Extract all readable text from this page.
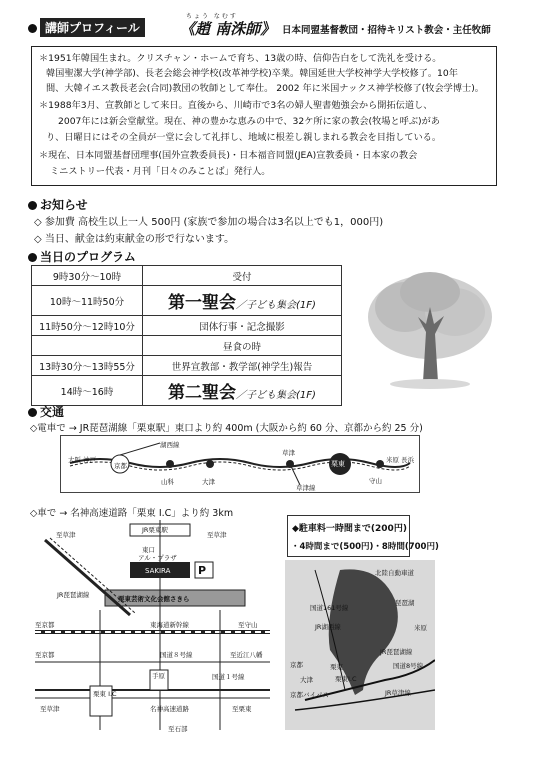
講師プロフィール
ちょう なむす
《趙 南洙師》 日本同盟基督教団・招待キリスト教会・主任牧師
＊1951年韓国生まれ。クリスチャン・ホームで育ち、13歳の時、信仰告白をして洗礼を受ける。
韓国聖潔大学(神学部)、長老会総会神学校(改革神学校)卒業。韓国延世大学校神学大学校修了。10年
間、大韓イエス教長老会(合同)教団の牧師として奉仕。 2002 年に米国ナックス神学校修了(牧会学博士)。
＊1988年3月、宣教師として来日。直後から、川崎市で3名の婦人聖書勉強会から開拓伝道し、
2007年には新会堂献堂。現在、神の豊かな恵みの中で、32ケ所に家の教会(牧場と呼ぶ)があ
り、日曜日にはその全員が一堂に会して礼拝し、地域に根差し親しまれる教会を目指している。
＊現在、日本同盟基督団理事(国外宣教委員長)・日本福音同盟(JEA)宣教委員・日本家の教会
ミニストリー代表・月刊「日々のみことば」発行人。
お知らせ
◇ 参加費 高校生以上一人 500円 (家族で参加の場合は3名以上でも1，000円)
◇ 当日、献金は約束献金の形で行ないます。
当日のプログラム
9時30分～10時	受付
10時～11時50分	第一聖会／子ども集会(1F)
11時50分～12時10分	団体行事・記念撮影
	昼食の時
13時30分～13時55分	世界宣教部・教学部(神学生)報告
14時～16時	第二聖会／子ども集会(1F)
交通
◇電車で → JR琵琶湖線「栗東駅」東口より約 400m (大阪から約 60 分、京都から約 25 分)
大阪 神戸
京都
山科	大津
草津
栗東
守山
米原 長浜
湖西線
草津線
◇車で → 名神高速道路「栗東 I.C」より約 3km
◆駐車料一時間まで(200円)
・4時間まで(500円)・8時間(700円)
JR栗東駅
東口
アル・プラザ
SAKIRA	P
栗東芸術文化会館さきら
至草津	至草津
至京都	至守山
東海道新幹線
至京都	国道８号線	至近江八幡
国道１号線
手原
栗東 I.C
名神高速道路
至草津	至栗東
至石部
JR琵琶湖線
北陸自動車道
琵琶湖
国道161号線
JR湖西線
JR琵琶湖線
国道8号線
米原
栗東
栗東I.C
JR草津線
京都バイパス
大津
京都
